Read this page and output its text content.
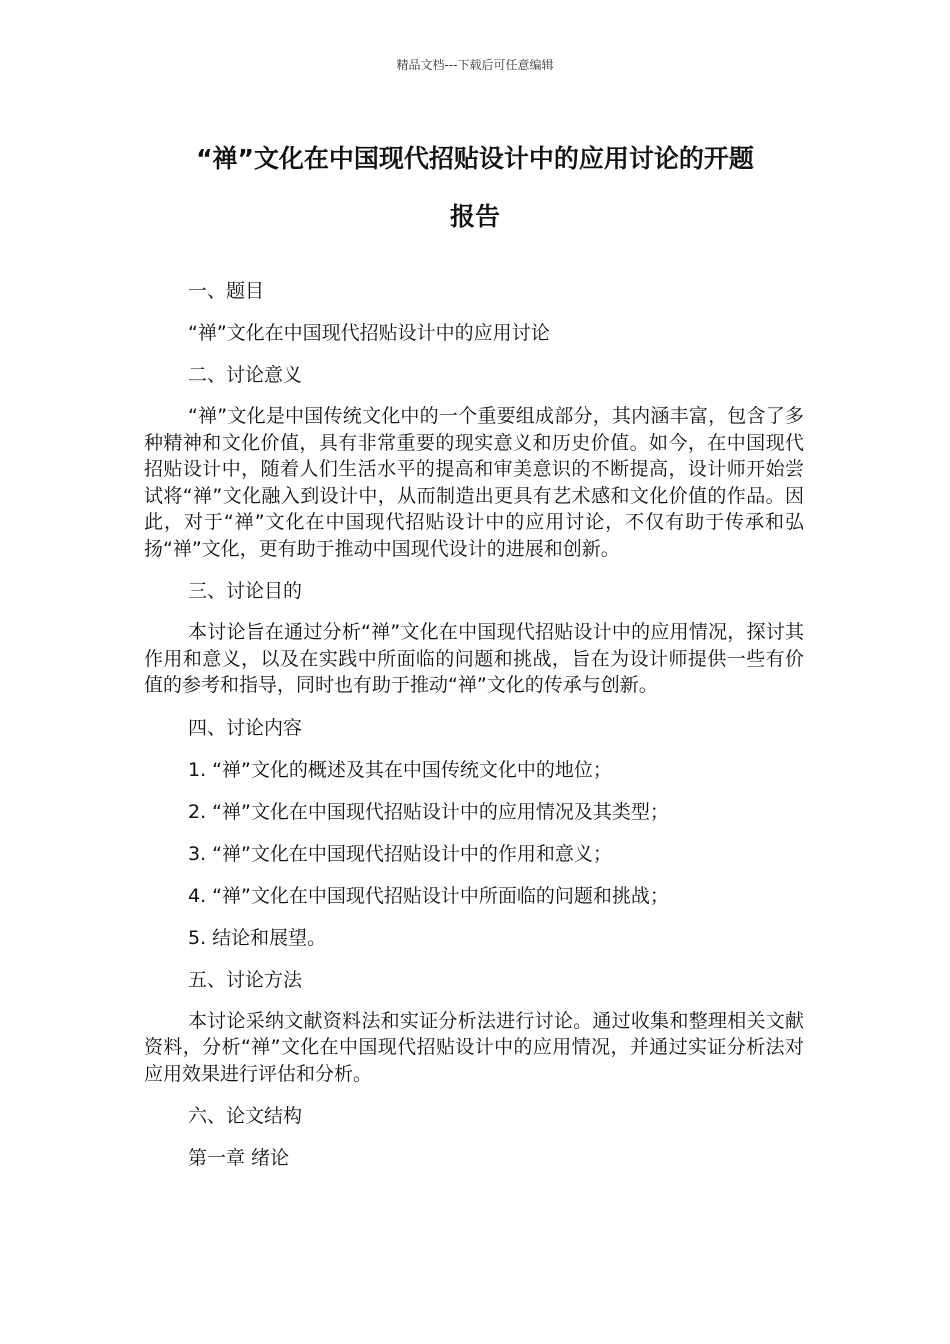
精品文档---下载后可任意编辑
“禅”文化在中国现代招贴设计中的应用讨论的开题
报告

一、题目

“禅”文化在中国现代招贴设计中的应用讨论

二、讨论意义

“禅”文化是中国传统文化中的一个重要组成部分，其内涵丰富，包含了多种精神和文化价值，具有非常重要的现实意义和历史价值。如今，在中国现代招贴设计中，随着人们生活水平的提高和审美意识的不断提高，设计师开始尝试将“禅”文化融入到设计中，从而制造出更具有艺术感和文化价值的作品。因此，对于“禅”文化在中国现代招贴设计中的应用讨论，不仅有助于传承和弘扬“禅”文化，更有助于推动中国现代设计的进展和创新。

三、讨论目的

本讨论旨在通过分析“禅”文化在中国现代招贴设计中的应用情况，探讨其作用和意义，以及在实践中所面临的问题和挑战，旨在为设计师提供一些有价值的参考和指导，同时也有助于推动“禅”文化的传承与创新。

四、讨论内容

1. “禅”文化的概述及其在中国传统文化中的地位；

2. “禅”文化在中国现代招贴设计中的应用情况及其类型；

3. “禅”文化在中国现代招贴设计中的作用和意义；

4. “禅”文化在中国现代招贴设计中所面临的问题和挑战；

5. 结论和展望。

五、讨论方法

本讨论采纳文献资料法和实证分析法进行讨论。通过收集和整理相关文献资料，分析“禅”文化在中国现代招贴设计中的应用情况，并通过实证分析法对应用效果进行评估和分析。

六、论文结构

第一章 绪论
